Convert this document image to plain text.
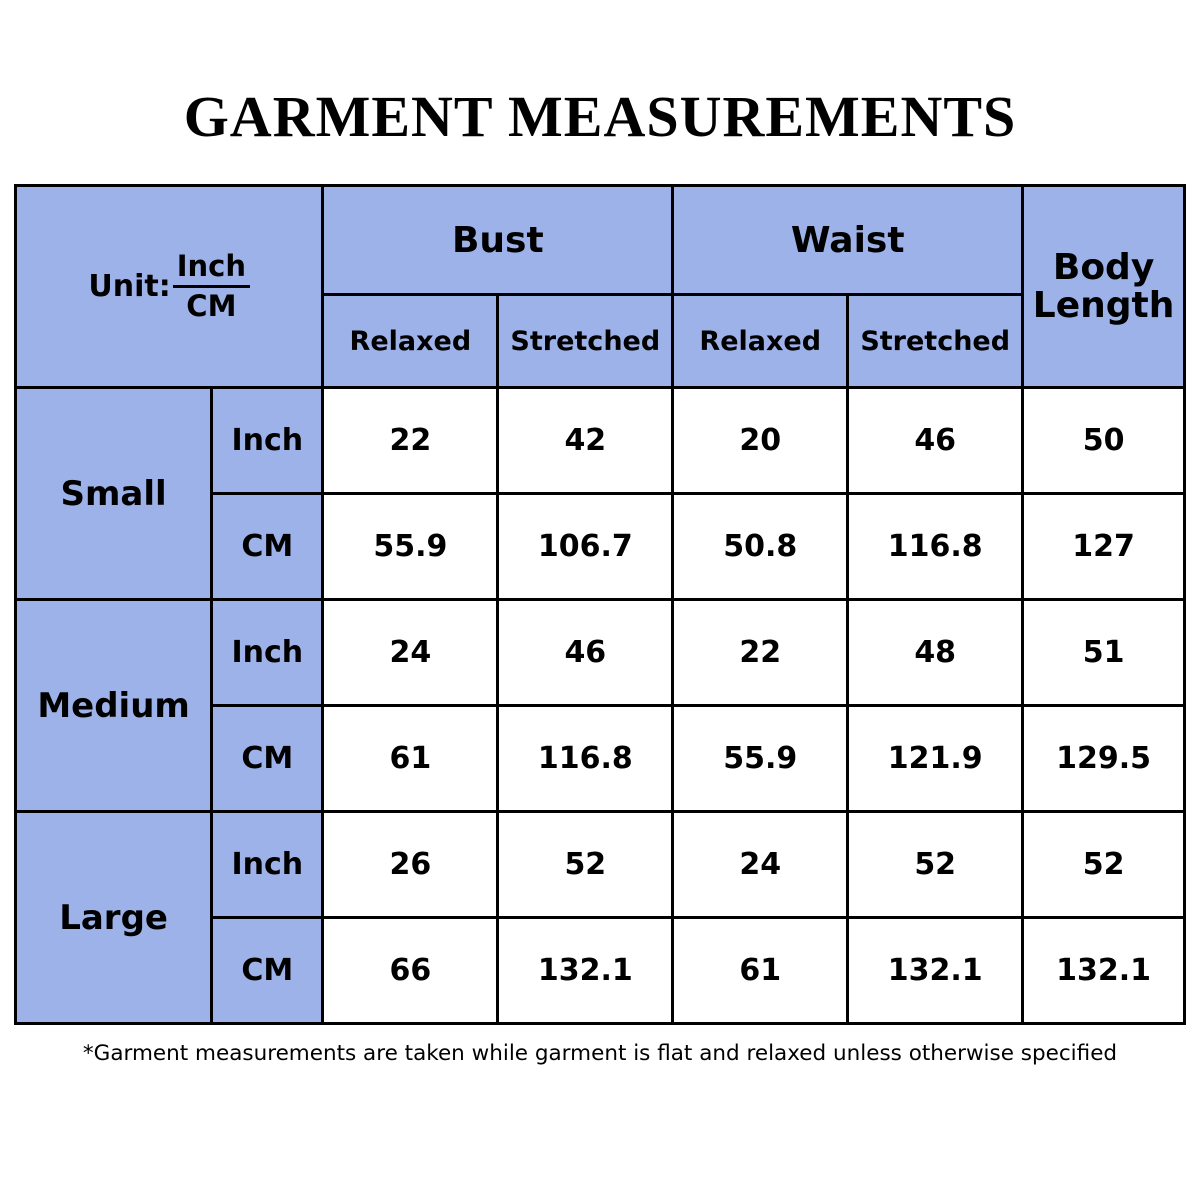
GARMENT MEASUREMENTS
Unit:
Inch
CM		Bust		Waist		Body Length
		Relaxed	Stretched	Relaxed	Stretched	
Small	Inch	22	42	20	46	50
	CM	55.9	106.7	50.8	116.8	127
Medium	Inch	24	46	22	48	51
	CM	61	116.8	55.9	121.9	129.5
Large	Inch	26	52	24	52	52
	CM	66	132.1	61	132.1	132.1
*Garment measurements are taken while garment is flat and relaxed unless otherwise specified
